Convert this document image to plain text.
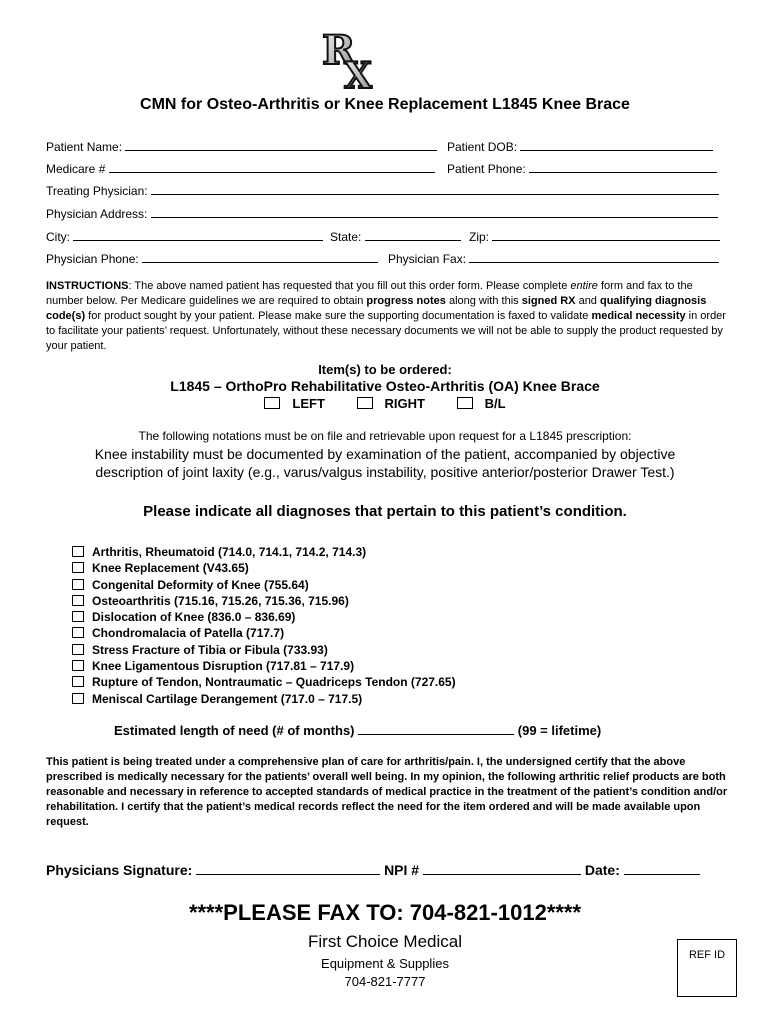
R
X
CMN for Osteo-Arthritis or Knee Replacement L1845 Knee Brace
Patient Name:	Patient DOB:
Medicare #	Patient Phone:
Treating Physician:
Physician Address:
City:	State:	Zip:
Physician Phone:	Physician Fax:
INSTRUCTIONS: The above named patient has requested that you fill out this order form. Please complete entire form and fax to the number below. Per Medicare guidelines we are required to obtain progress notes along with this signed RX and qualifying diagnosis code(s) for product sought by your patient. Please make sure the supporting documentation is faxed to validate medical necessity in order to facilitate your patients’ request. Unfortunately, without these necessary documents we will not be able to supply the product requested by your patient.
Item(s) to be ordered:
L1845 – OrthoPro Rehabilitative Osteo-Arthritis (OA) Knee Brace
LEFT	RIGHT	B/L
The following notations must be on file and retrievable upon request for a L1845 prescription:
Knee instability must be documented by examination of the patient, accompanied by objective
description of joint laxity (e.g., varus/valgus instability, positive anterior/posterior Drawer Test.)
Please indicate all diagnoses that pertain to this patient’s condition.
Arthritis, Rheumatoid (714.0, 714.1, 714.2, 714.3)
Knee Replacement (V43.65)
Congenital Deformity of Knee (755.64)
Osteoarthritis (715.16, 715.26, 715.36, 715.96)
Dislocation of Knee (836.0 – 836.69)
Chondromalacia of Patella (717.7)
Stress Fracture of Tibia or Fibula (733.93)
Knee Ligamentous Disruption (717.81 – 717.9)
Rupture of Tendon, Nontraumatic – Quadriceps Tendon (727.65)
Meniscal Cartilage Derangement (717.0 – 717.5)
Estimated length of need (# of months)	(99 = lifetime)
This patient is being treated under a comprehensive plan of care for arthritis/pain. I, the undersigned certify that the above prescribed is medically necessary for the patients’ overall well being. In my opinion, the following arthritic relief products are both reasonable and necessary in reference to accepted standards of medical practice in the treatment of the patient’s condition and/or rehabilitation. I certify that the patient’s medical records reflect the need for the item ordered and will be made available upon request.
Physicians Signature:	NPI #	Date:
****PLEASE FAX TO: 704-821-1012****
First Choice Medical
Equipment & Supplies
704-821-7777
REF ID
